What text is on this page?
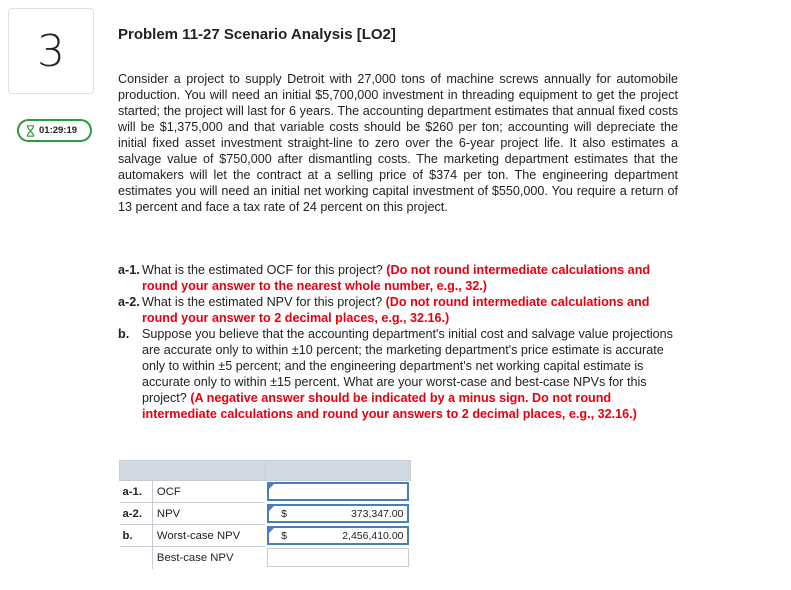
3
01:29:19
Problem 11-27 Scenario Analysis [LO2]
Consider a project to supply Detroit with 27,000 tons of machine screws annually for automobile production. You will need an initial $5,700,000 investment in threading equipment to get the project started; the project will last for 6 years. The accounting department estimates that annual fixed costs will be $1,375,000 and that variable costs should be $260 per ton; accounting will depreciate the initial fixed asset investment straight-line to zero over the 6-year project life. It also estimates a salvage value of $750,000 after dismantling costs. The marketing department estimates that the automakers will let the contract at a selling price of $374 per ton. The engineering department estimates you will need an initial net working capital investment of $550,000. You require a return of 13 percent and face a tax rate of 24 percent on this project.
a-1. What is the estimated OCF for this project? (Do not round intermediate calculations and round your answer to the nearest whole number, e.g., 32.)
a-2. What is the estimated NPV for this project? (Do not round intermediate calculations and round your answer to 2 decimal places, e.g., 32.16.)
b.	Suppose you believe that the accounting department's initial cost and salvage value projections are accurate only to within ±10 percent; the marketing department's price estimate is accurate only to within ±5 percent; and the engineering department's net working capital estimate is accurate only to within ±15 percent. What are your worst-case and best-case NPVs for this project? (A negative answer should be indicated by a minus sign. Do not round intermediate calculations and round your answers to 2 decimal places, e.g., 32.16.)

a-1.	OCF	

a-2.	NPV	$ 373,347.00

b.	Worst-case NPV	$ 2,456,410.00

	Best-case NPV	
